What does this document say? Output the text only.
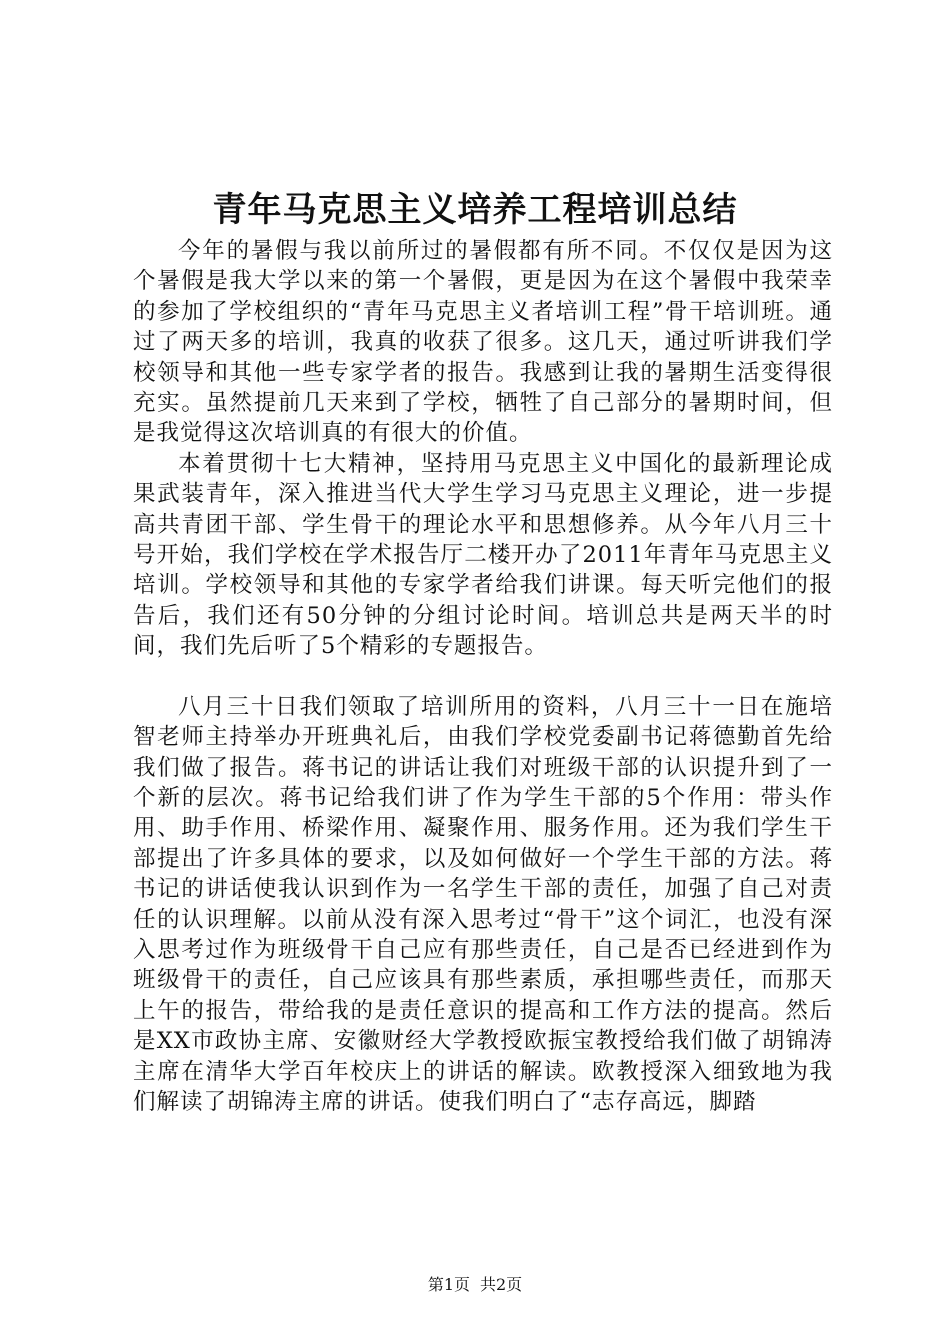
青年马克思主义培养工程培训总结

今年的暑假与我以前所过的暑假都有所不同。不仅仅是因为这个暑假是我大学以来的第一个暑假，更是因为在这个暑假中我荣幸的参加了学校组织的“青年马克思主义者培训工程”骨干培训班。通过了两天多的培训，我真的收获了很多。这几天，通过听讲我们学校领导和其他一些专家学者的报告。我感到让我的暑期生活变得很充实。虽然提前几天来到了学校，牺牲了自己部分的暑期时间，但是我觉得这次培训真的有很大的价值。

本着贯彻十七大精神，坚持用马克思主义中国化的最新理论成果武装青年，深入推进当代大学生学习马克思主义理论，进一步提高共青团干部、学生骨干的理论水平和思想修养。从今年八月三十号开始，我们学校在学术报告厅二楼开办了2011年青年马克思主义培训。学校领导和其他的专家学者给我们讲课。每天听完他们的报告后，我们还有50分钟的分组讨论时间。培训总共是两天半的时间，我们先后听了5个精彩的专题报告。

八月三十日我们领取了培训所用的资料，八月三十一日在施培智老师主持举办开班典礼后，由我们学校党委副书记蒋德勤首先给我们做了报告。蒋书记的讲话让我们对班级干部的认识提升到了一个新的层次。蒋书记给我们讲了作为学生干部的5个作用：带头作用、助手作用、桥梁作用、凝聚作用、服务作用。还为我们学生干部提出了许多具体的要求，以及如何做好一个学生干部的方法。蒋书记的讲话使我认识到作为一名学生干部的责任，加强了自己对责任的认识理解。以前从没有深入思考过“骨干”这个词汇，也没有深入思考过作为班级骨干自己应有那些责任，自己是否已经进到作为班级骨干的责任，自己应该具有那些素质，承担哪些责任，而那天上午的报告，带给我的是责任意识的提高和工作方法的提高。然后是XX市政协主席、安徽财经大学教授欧振宝教授给我们做了胡锦涛主席在清华大学百年校庆上的讲话的解读。欧教授深入细致地为我们解读了胡锦涛主席的讲话。使我们明白了“志存高远，脚踏

第1页 共2页
